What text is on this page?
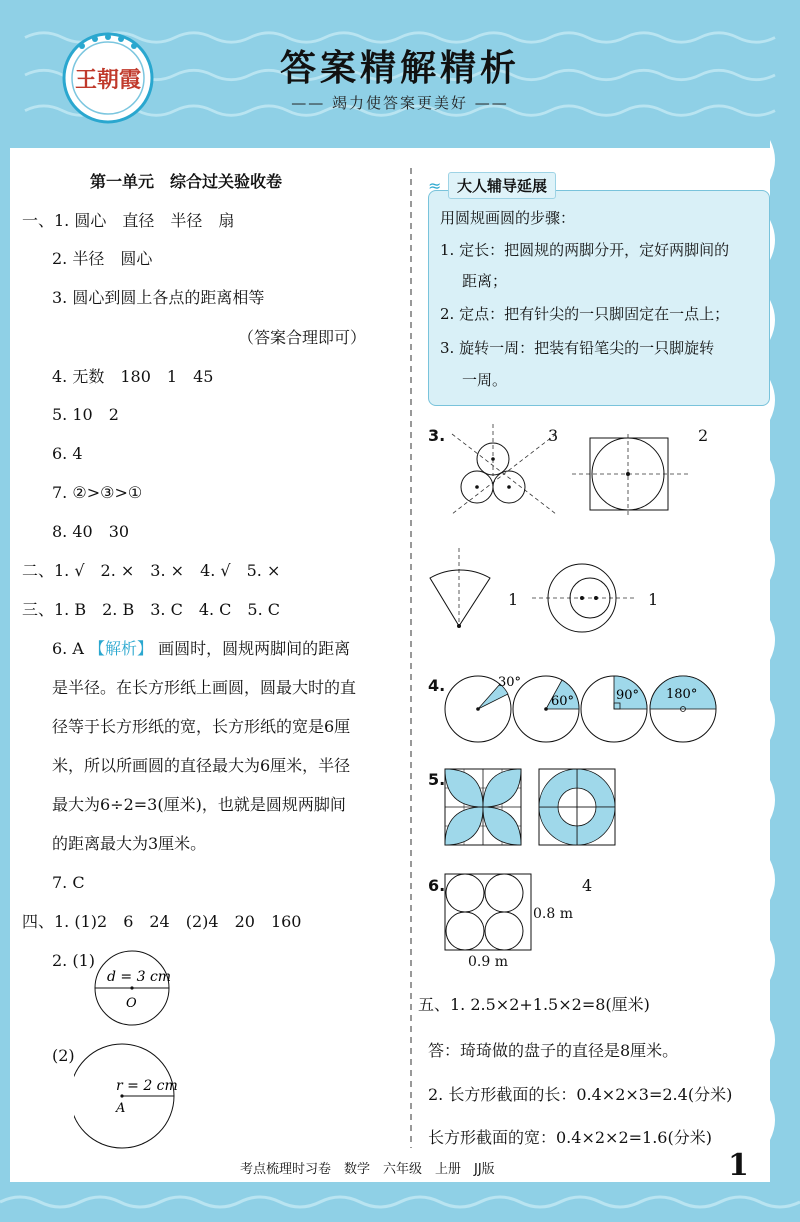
王朝霞	答案精解精析
—— 竭力使答案更美好 ——
第一单元　综合过关验收卷
一、1. 圆心　直径　半径　扇
2. 半径　圆心
3. 圆心到圆上各点的距离相等
（答案合理即可）
4. 无数　180　1　45
5. 10　2
6. 4
7. ②>③>①
8. 40　30
二、1. √　2. ×　3. ×　4. √　5. ×
三、1. B　2. B　3. C　4. C　5. C
6. A 【解析】 画圆时，圆规两脚间的距离
是半径。在长方形纸上画圆，圆最大时的直
径等于长方形纸的宽，长方形纸的宽是6厘
米，所以所画圆的直径最大为6厘米，半径
最大为6÷2=3(厘米)，也就是圆规两脚间
的距离最大为3厘米。
7. C
四、1. (1)2　6　24　(2)4　20　160
2. (1)
d = 3 cm
O
(2)
r = 2 cm
A
≈	大人辅导延展
用圆规画圆的步骤：
1. 定长：把圆规的两脚分开，定好两脚间的
距离；
2. 定点：把有针尖的一只脚固定在一点上；
3. 旋转一周：把装有铅笔尖的一只脚旋转
一周。
3.	3	2
1	1
4.	30°
60°	90° 180°
5.
6.	4
0.8 m
0.9 m
五、1. 2.5×2+1.5×2=8(厘米)
答：琦琦做的盘子的直径是8厘米。
2. 长方形截面的长：0.4×2×3=2.4(分米)
长方形截面的宽：0.4×2×2=1.6(分米)
考点梳理时习卷　数学　六年级　上册　JJ版	1
